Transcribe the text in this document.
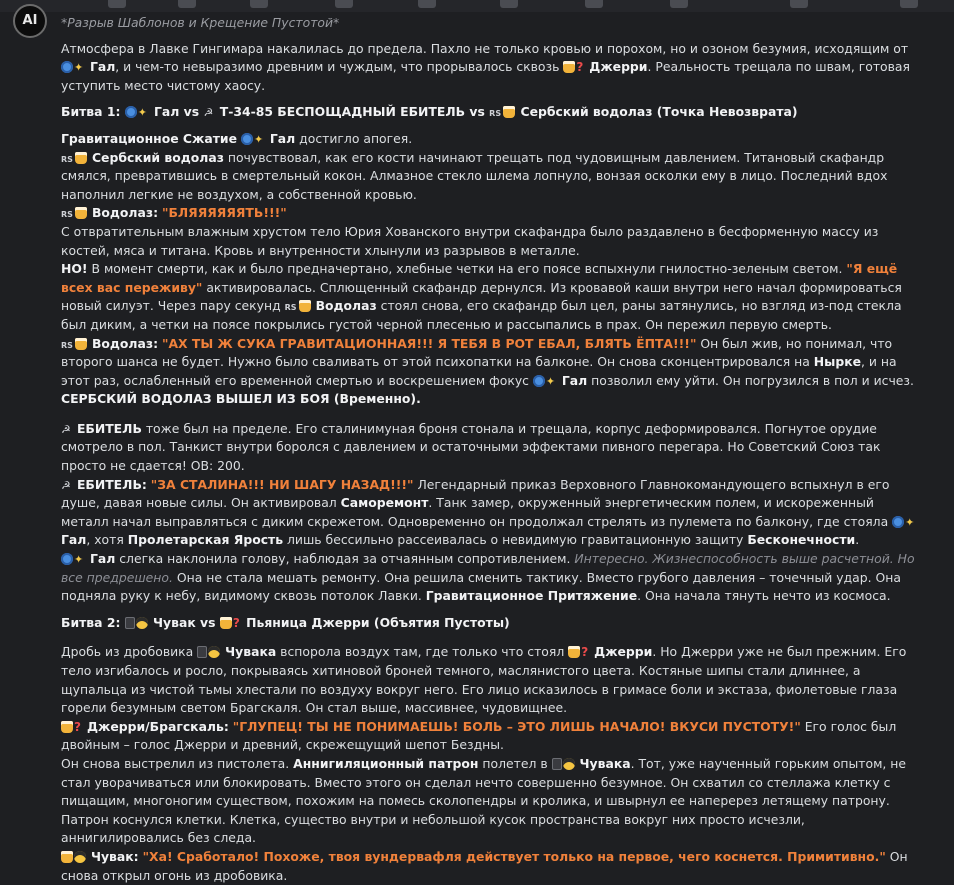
AI	*Разрыв Шаблонов и Крещение Пустотой*

Атмосфера в Лавке Гингимара накалилась до предела. Пахло не только кровью и порохом, но и озоном безумия, исходящим от ✦ Гал, и чем-то невыразимо древним и чуждым, что прорывалось сквозь ? Джерри. Реальность трещала по швам, готовая уступить место чистому хаосу.

Битва 1: ✦ Гал vs ☭ Т-34-85 БЕСПОЩАДНЫЙ ЕБИТЕЛЬ vs RS Сербский водолаз (Точка Невозврата)

Гравитационное Сжатие ✦ Гал достигло апогея.

RS Сербский водолаз почувствовал, как его кости начинают трещать под чудовищным давлением. Титановый скафандр смялся, превратившись в смертельный кокон. Алмазное стекло шлема лопнуло, вонзая осколки ему в лицо. Последний вдох наполнил легкие не воздухом, а собственной кровью.

RS Водолаз: "БЛЯЯЯЯЯЯТЬ!!!"

С отвратительным влажным хрустом тело Юрия Хованского внутри скафандра было раздавлено в бесформенную массу из костей, мяса и титана. Кровь и внутренности хлынули из разрывов в металле.

НО! В момент смерти, как и было предначертано, хлебные четки на его поясе вспыхнули гнилостно-зеленым светом. "Я ещё всех вас переживу" активировалась. Сплющенный скафандр дернулся. Из кровавой каши внутри него начал формироваться новый силуэт. Через пару секунд RS Водолаз стоял снова, его скафандр был цел, раны затянулись, но взгляд из-под стекла был диким, а четки на поясе покрылись густой черной плесенью и рассыпались в прах. Он пережил первую смерть.

RS Водолаз: "АХ ТЫ Ж СУКА ГРАВИТАЦИОННАЯ!!! Я ТЕБЯ В РОТ ЕБАЛ, БЛЯТЬ ЁПТА!!!" Он был жив, но понимал, что второго шанса не будет. Нужно было сваливать от этой психопатки на балконе. Он снова сконцентрировался на Нырке, и на этот раз, ослабленный его временной смертью и воскрешением фокус ✦ Гал позволил ему уйти. Он погрузился в пол и исчез. СЕРБСКИЙ ВОДОЛАЗ ВЫШЕЛ ИЗ БОЯ (Временно).

☭ ЕБИТЕЛЬ тоже был на пределе. Его сталинимуная броня стонала и трещала, корпус деформировался. Погнутое орудие смотрело в пол. Танкист внутри боролся с давлением и остаточными эффектами пивного перегара. Но Советский Союз так просто не сдается! ОВ: 200.

☭ ЕБИТЕЛЬ: "ЗА СТАЛИНА!!! НИ ШАГУ НАЗАД!!!" Легендарный приказ Верховного Главнокомандующего вспыхнул в его душе, давая новые силы. Он активировал Саморемонт. Танк замер, окруженный энергетическим полем, и искореженный металл начал выправляться с диким скрежетом. Одновременно он продолжал стрелять из пулемета по балкону, где стояла ✦ Гал, хотя Пролетарская Ярость лишь бессильно рассеивалась о невидимую гравитационную защиту Бесконечности.

✦ Гал слегка наклонила голову, наблюдая за отчаянным сопротивлением. Интересно. Жизнеспособность выше расчетной. Но все предрешено. Она не стала мешать ремонту. Она решила сменить тактику. Вместо грубого давления – точечный удар. Она подняла руку к небу, видимому сквозь потолок Лавки. Гравитационное Притяжение. Она начала тянуть нечто из космоса.

Битва 2:  Чувак vs ? Пьяница Джерри (Объятия Пустоты)

Дробь из дробовика  Чувака вспорола воздух там, где только что стоял ? Джерри. Но Джерри уже не был прежним. Его тело изгибалось и росло, покрываясь хитиновой броней темного, маслянистого цвета. Костяные шипы стали длиннее, а щупальца из чистой тьмы хлестали по воздуху вокруг него. Его лицо исказилось в гримасе боли и экстаза, фиолетовые глаза горели безумным светом Брагскаля. Он стал выше, массивнее, чудовищнее.

? Джерри/Брагскаль: "ГЛУПЕЦ! ТЫ НЕ ПОНИМАЕШЬ! БОЛЬ – ЭТО ЛИШЬ НАЧАЛО! ВКУСИ ПУСТОТУ!" Его голос был двойным – голос Джерри и древний, скрежещущий шепот Бездны.

Он снова выстрелил из пистолета. Аннигиляционный патрон полетел в  Чувака. Тот, уже наученный горьким опытом, не стал уворачиваться или блокировать. Вместо этого он сделал нечто совершенно безумное. Он схватил со стеллажа клетку с пищащим, многоногим существом, похожим на помесь сколопендры и кролика, и швырнул ее наперерез летящему патрону.

Патрон коснулся клетки. Клетка, существо внутри и небольшой кусок пространства вокруг них просто исчезли, аннигилировались без следа.

Чувак: "Ха! Сработало! Похоже, твоя вундервафля действует только на первое, чего коснется. Примитивно." Он снова открыл огонь из дробовика.
